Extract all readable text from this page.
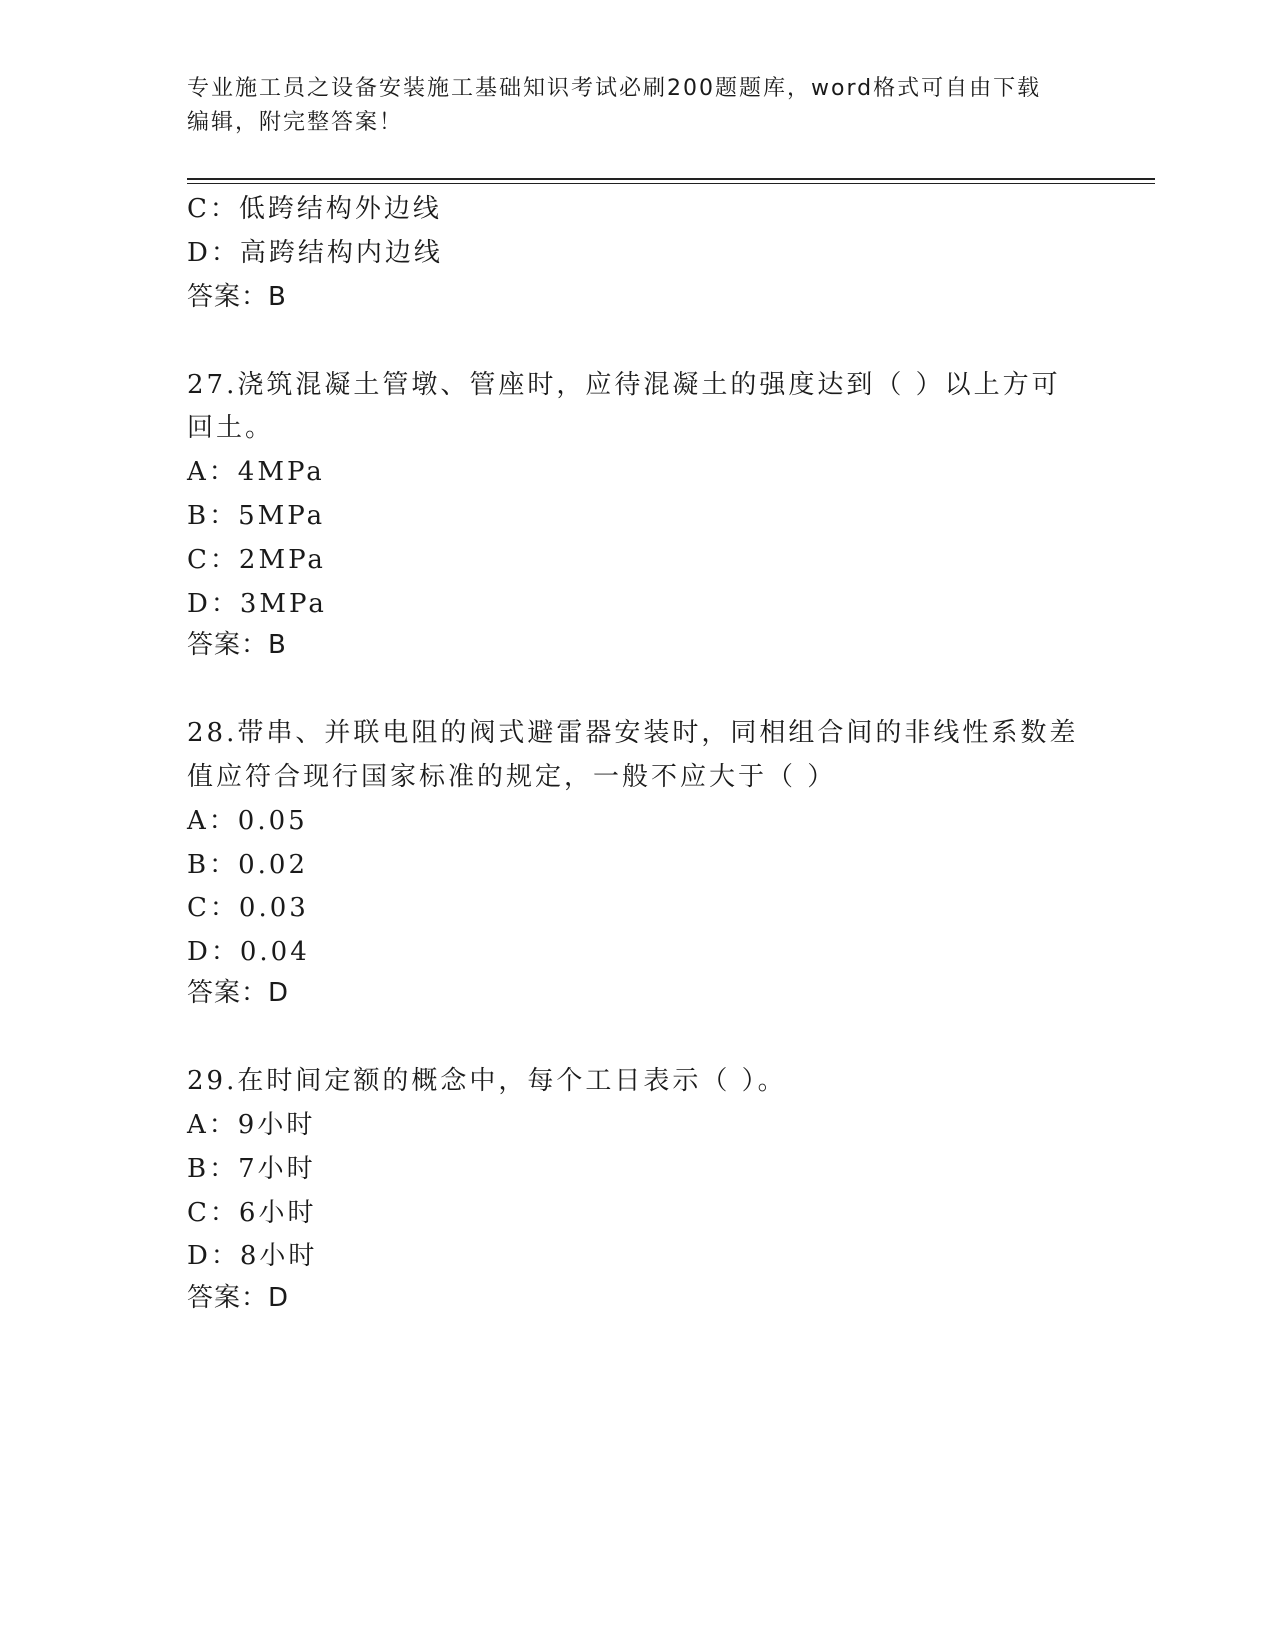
专业施工员之设备安装施工基础知识考试必刷200题题库，word格式可自由下载
编辑，附完整答案！
C：低跨结构外边线
D：高跨结构内边线
答案：B
27.浇筑混凝土管墩、管座时，应待混凝土的强度达到（ ）以上方可
回土。
A：4MPa
B：5MPa
C：2MPa
D：3MPa
答案：B
28.带串、并联电阻的阀式避雷器安装时，同相组合间的非线性系数差
值应符合现行国家标准的规定，一般不应大于（ ）
A：0.05
B：0.02
C：0.03
D：0.04
答案：D
29.在时间定额的概念中，每个工日表示（ ）。
A：9小时
B：7小时
C：6小时
D：8小时
答案：D
